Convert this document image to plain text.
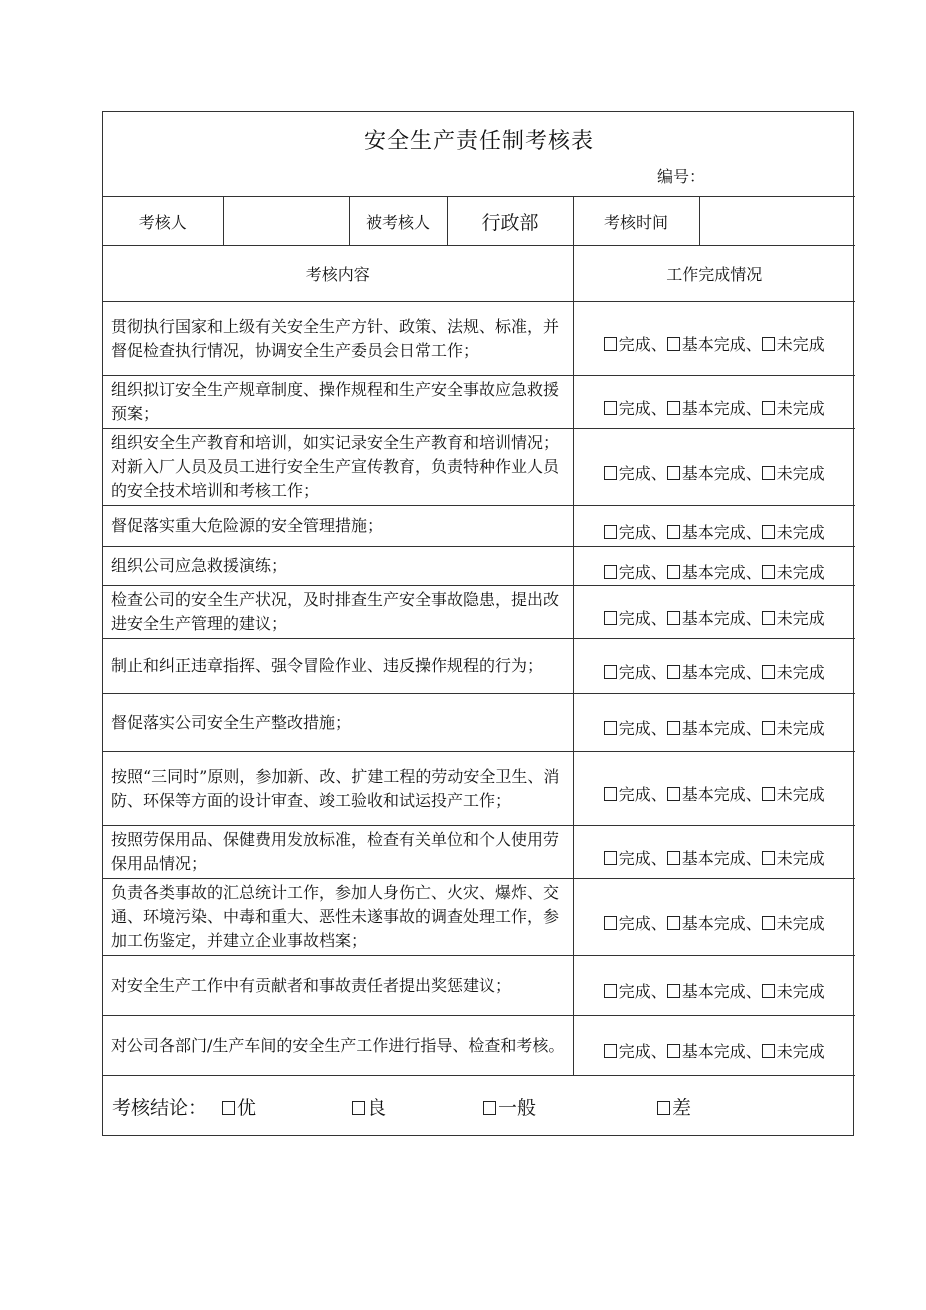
安全生产责任制考核表
编号：					

考核人		被考核人	行政部	考核时间	
考核内容				工作完成情况	
贯彻执行国家和上级有关安全生产方针、政策、法规、标准，并督促检查执行情况，协调安全生产委员会日常工作；				完成、 基本完成、 未完成	
组织拟订安全生产规章制度、操作规程和生产安全事故应急救援预案；				完成、 基本完成、 未完成	
组织安全生产教育和培训，如实记录安全生产教育和培训情况；对新入厂人员及员工进行安全生产宣传教育，负责特种作业人员的安全技术培训和考核工作；				完成、 基本完成、 未完成	
督促落实重大危险源的安全管理措施；				完成、 基本完成、 未完成	
组织公司应急救援演练；				完成、 基本完成、 未完成	
检查公司的安全生产状况，及时排查生产安全事故隐患，提出改进安全生产管理的建议；				完成、 基本完成、 未完成	
制止和纠正违章指挥、强令冒险作业、违反操作规程的行为；				完成、 基本完成、 未完成	
督促落实公司安全生产整改措施；				完成、 基本完成、 未完成	
按照“三同时”原则，参加新、改、扩建工程的劳动安全卫生、消防、环保等方面的设计审查、竣工验收和试运投产工作；				完成、 基本完成、 未完成	
按照劳保用品、保健费用发放标准，检查有关单位和个人使用劳保用品情况；				完成、 基本完成、 未完成	
负责各类事故的汇总统计工作，参加人身伤亡、火灾、爆炸、交通、环境污染、中毒和重大、恶性未遂事故的调查处理工作，参加工伤鉴定，并建立企业事故档案；				完成、 基本完成、 未完成	
对安全生产工作中有贡献者和事故责任者提出奖惩建议；				完成、 基本完成、 未完成	
对公司各部门/生产车间的安全生产工作进行指导、检查和考核。				完成、 基本完成、 未完成	

考核结论： 优 良 一般 差					
